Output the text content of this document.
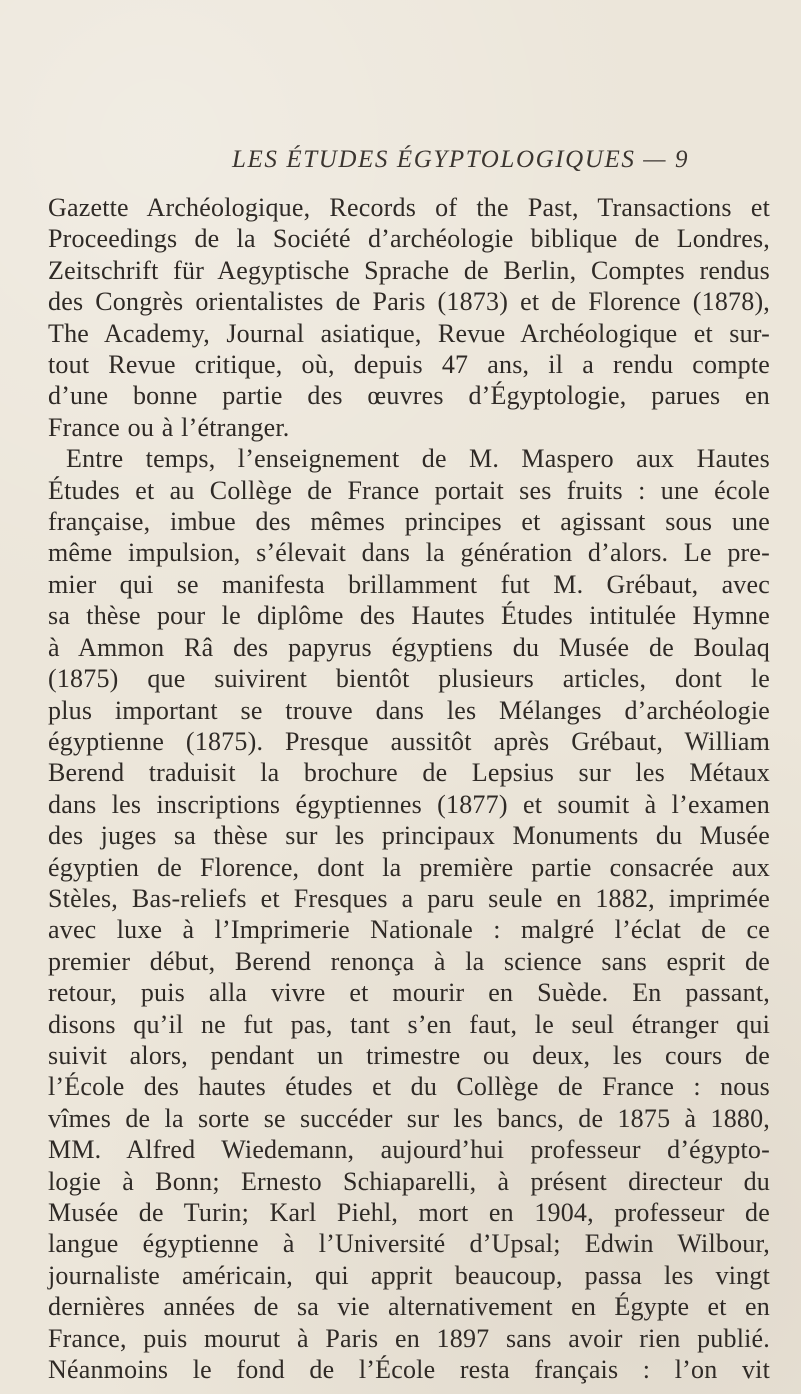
LES ÉTUDES ÉGYPTOLOGIQUES — 9
Gazette Archéologique, Records of the Past, Transactions et
Proceedings de la Société d’archéologie biblique de Londres,
Zeitschrift für Aegyptische Sprache de Berlin, Comptes rendus
des Congrès orientalistes de Paris (1873) et de Florence (1878),
The Academy, Journal asiatique, Revue Archéologique et sur-
tout Revue critique, où, depuis 47 ans, il a rendu compte
d’une bonne partie des œuvres d’Égyptologie, parues en
France ou à l’étranger.
Entre temps, l’enseignement de M. Maspero aux Hautes
Études et au Collège de France portait ses fruits : une école
française, imbue des mêmes principes et agissant sous une
même impulsion, s’élevait dans la génération d’alors. Le pre-
mier qui se manifesta brillamment fut M. Grébaut, avec
sa thèse pour le diplôme des Hautes Études intitulée Hymne
à Ammon Râ des papyrus égyptiens du Musée de Boulaq
(1875) que suivirent bientôt plusieurs articles, dont le
plus important se trouve dans les Mélanges d’archéologie
égyptienne (1875). Presque aussitôt après Grébaut, William
Berend traduisit la brochure de Lepsius sur les Métaux
dans les inscriptions égyptiennes (1877) et soumit à l’examen
des juges sa thèse sur les principaux Monuments du Musée
égyptien de Florence, dont la première partie consacrée aux
Stèles, Bas-reliefs et Fresques a paru seule en 1882, imprimée
avec luxe à l’Imprimerie Nationale : malgré l’éclat de ce
premier début, Berend renonça à la science sans esprit de
retour, puis alla vivre et mourir en Suède. En passant,
disons qu’il ne fut pas, tant s’en faut, le seul étranger qui
suivit alors, pendant un trimestre ou deux, les cours de
l’École des hautes études et du Collège de France : nous
vîmes de la sorte se succéder sur les bancs, de 1875 à 1880,
MM. Alfred Wiedemann, aujourd’hui professeur d’égypto-
logie à Bonn; Ernesto Schiaparelli, à présent directeur du
Musée de Turin; Karl Piehl, mort en 1904, professeur de
langue égyptienne à l’Université d’Upsal; Edwin Wilbour,
journaliste américain, qui apprit beaucoup, passa les vingt
dernières années de sa vie alternativement en Égypte et en
France, puis mourut à Paris en 1897 sans avoir rien publié.
Néanmoins le fond de l’École resta français : l’on vit
